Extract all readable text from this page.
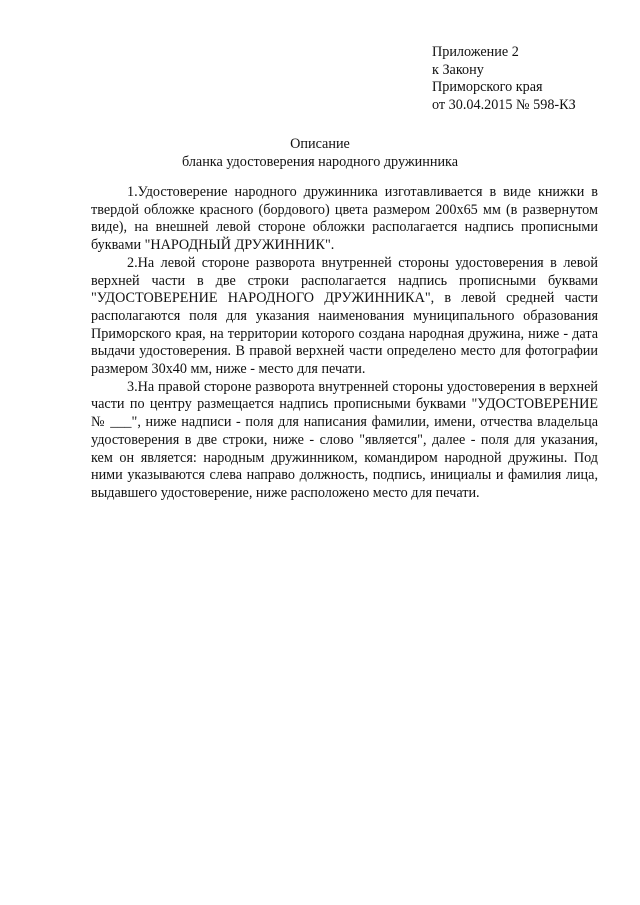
Приложение 2
к Закону
Приморского края
от 30.04.2015 № 598-КЗ
Описание
бланка удостоверения народного дружинника

1.Удостоверение народного дружинника изготавливается в виде книжки в твердой обложке красного (бордового) цвета размером 200х65 мм (в развернутом виде), на внешней левой стороне обложки располагается надпись прописными буквами "НАРОДНЫЙ ДРУЖИННИК".

2.На левой стороне разворота внутренней стороны удостоверения в левой верхней части в две строки располагается надпись прописными буквами "УДОСТОВЕРЕНИЕ НАРОДНОГО ДРУЖИННИКА", в левой средней части располагаются поля для указания наименования муниципального образования Приморского края, на территории которого создана народная дружина, ниже - дата выдачи удостоверения. В правой верхней части определено место для фотографии размером 30х40 мм, ниже - место для печати.

3.На правой стороне разворота внутренней стороны удостоверения в верхней части по центру размещается надпись прописными буквами "УДОСТОВЕРЕНИЕ № ___", ниже надписи - поля для написания фамилии, имени, отчества владельца удостоверения в две строки, ниже - слово "является", далее - поля для указания, кем он является: народным дружинником, командиром народной дружины. Под ними указываются слева направо должность, подпись, инициалы и фамилия лица, выдавшего удостоверение, ниже расположено место для печати.
